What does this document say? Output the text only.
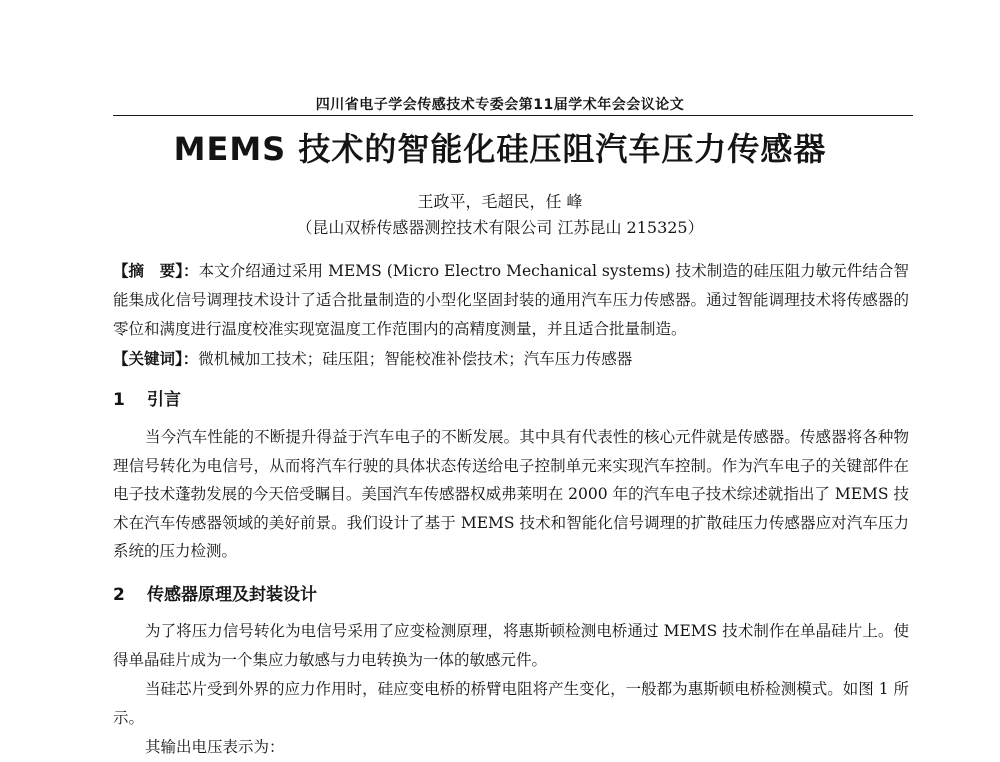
四川省电子学会传感技术专委会第11届学术年会会议论文
MEMS 技术的智能化硅压阻汽车压力传感器
王政平，毛超民，任 峰
（昆山双桥传感器测控技术有限公司 江苏昆山 215325）
【摘　要】：本文介绍通过采用 MEMS (Micro Electro Mechanical systems) 技术制造的硅压阻力敏元件结合智能集成化信号调理技术设计了适合批量制造的小型化坚固封装的通用汽车压力传感器。通过智能调理技术将传感器的零位和满度进行温度校准实现宽温度工作范围内的高精度测量，并且适合批量制造。
【关键词】：微机械加工技术；硅压阻；智能校准补偿技术；汽车压力传感器
1 引言
当今汽车性能的不断提升得益于汽车电子的不断发展。其中具有代表性的核心元件就是传感器。传感器将各种物理信号转化为电信号，从而将汽车行驶的具体状态传送给电子控制单元来实现汽车控制。作为汽车电子的关键部件在电子技术蓬勃发展的今天倍受瞩目。美国汽车传感器权威弗莱明在 2000 年的汽车电子技术综述就指出了 MEMS 技术在汽车传感器领域的美好前景。我们设计了基于 MEMS 技术和智能化信号调理的扩散硅压力传感器应对汽车压力系统的压力检测。
2 传感器原理及封装设计
为了将压力信号转化为电信号采用了应变检测原理，将惠斯顿检测电桥通过 MEMS 技术制作在单晶硅片上。使得单晶硅片成为一个集应力敏感与力电转换为一体的敏感元件。
当硅芯片受到外界的应力作用时，硅应变电桥的桥臂电阻将产生变化，一般都为惠斯顿电桥检测模式。如图 1 所示。
其输出电压表示为：
